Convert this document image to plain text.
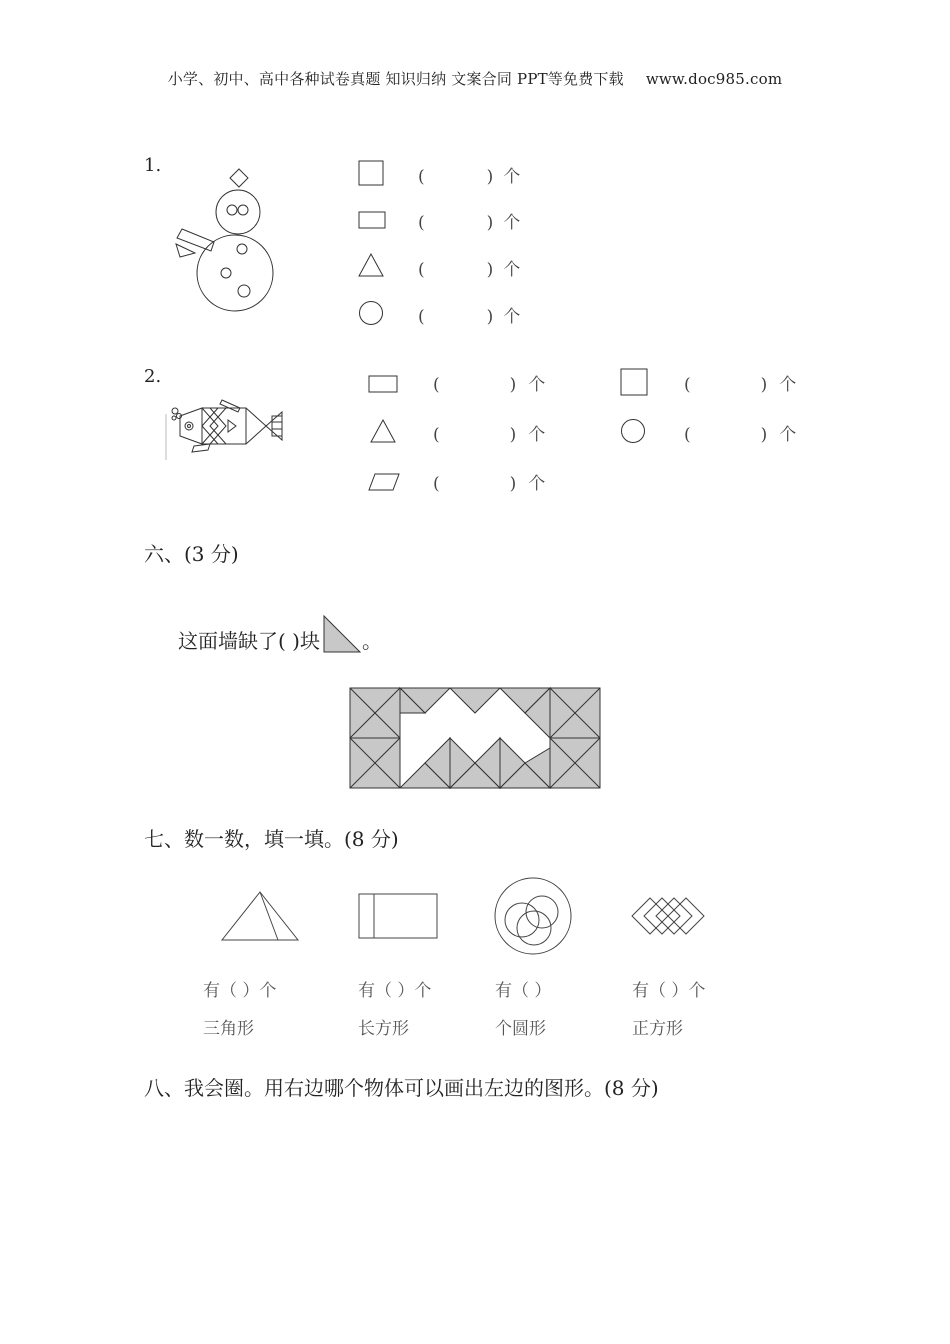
小学、初中、高中各种试卷真题 知识归纳 文案合同 PPT等免费下载 www.doc985.com
1.
(	) 个
(	) 个
(	) 个
(	) 个
2.	(	) 个	(	) 个
(	) 个	(	) 个
(	) 个
六、(3 分)
这面墙缺了( )块 。
七、数一数，填一填。(8 分)
有（ ）个
三角形
有（ ）个
长方形
有（ ）
个圆形
有（ ）个
正方形
八、我会圈。用右边哪个物体可以画出左边的图形。(8 分)
